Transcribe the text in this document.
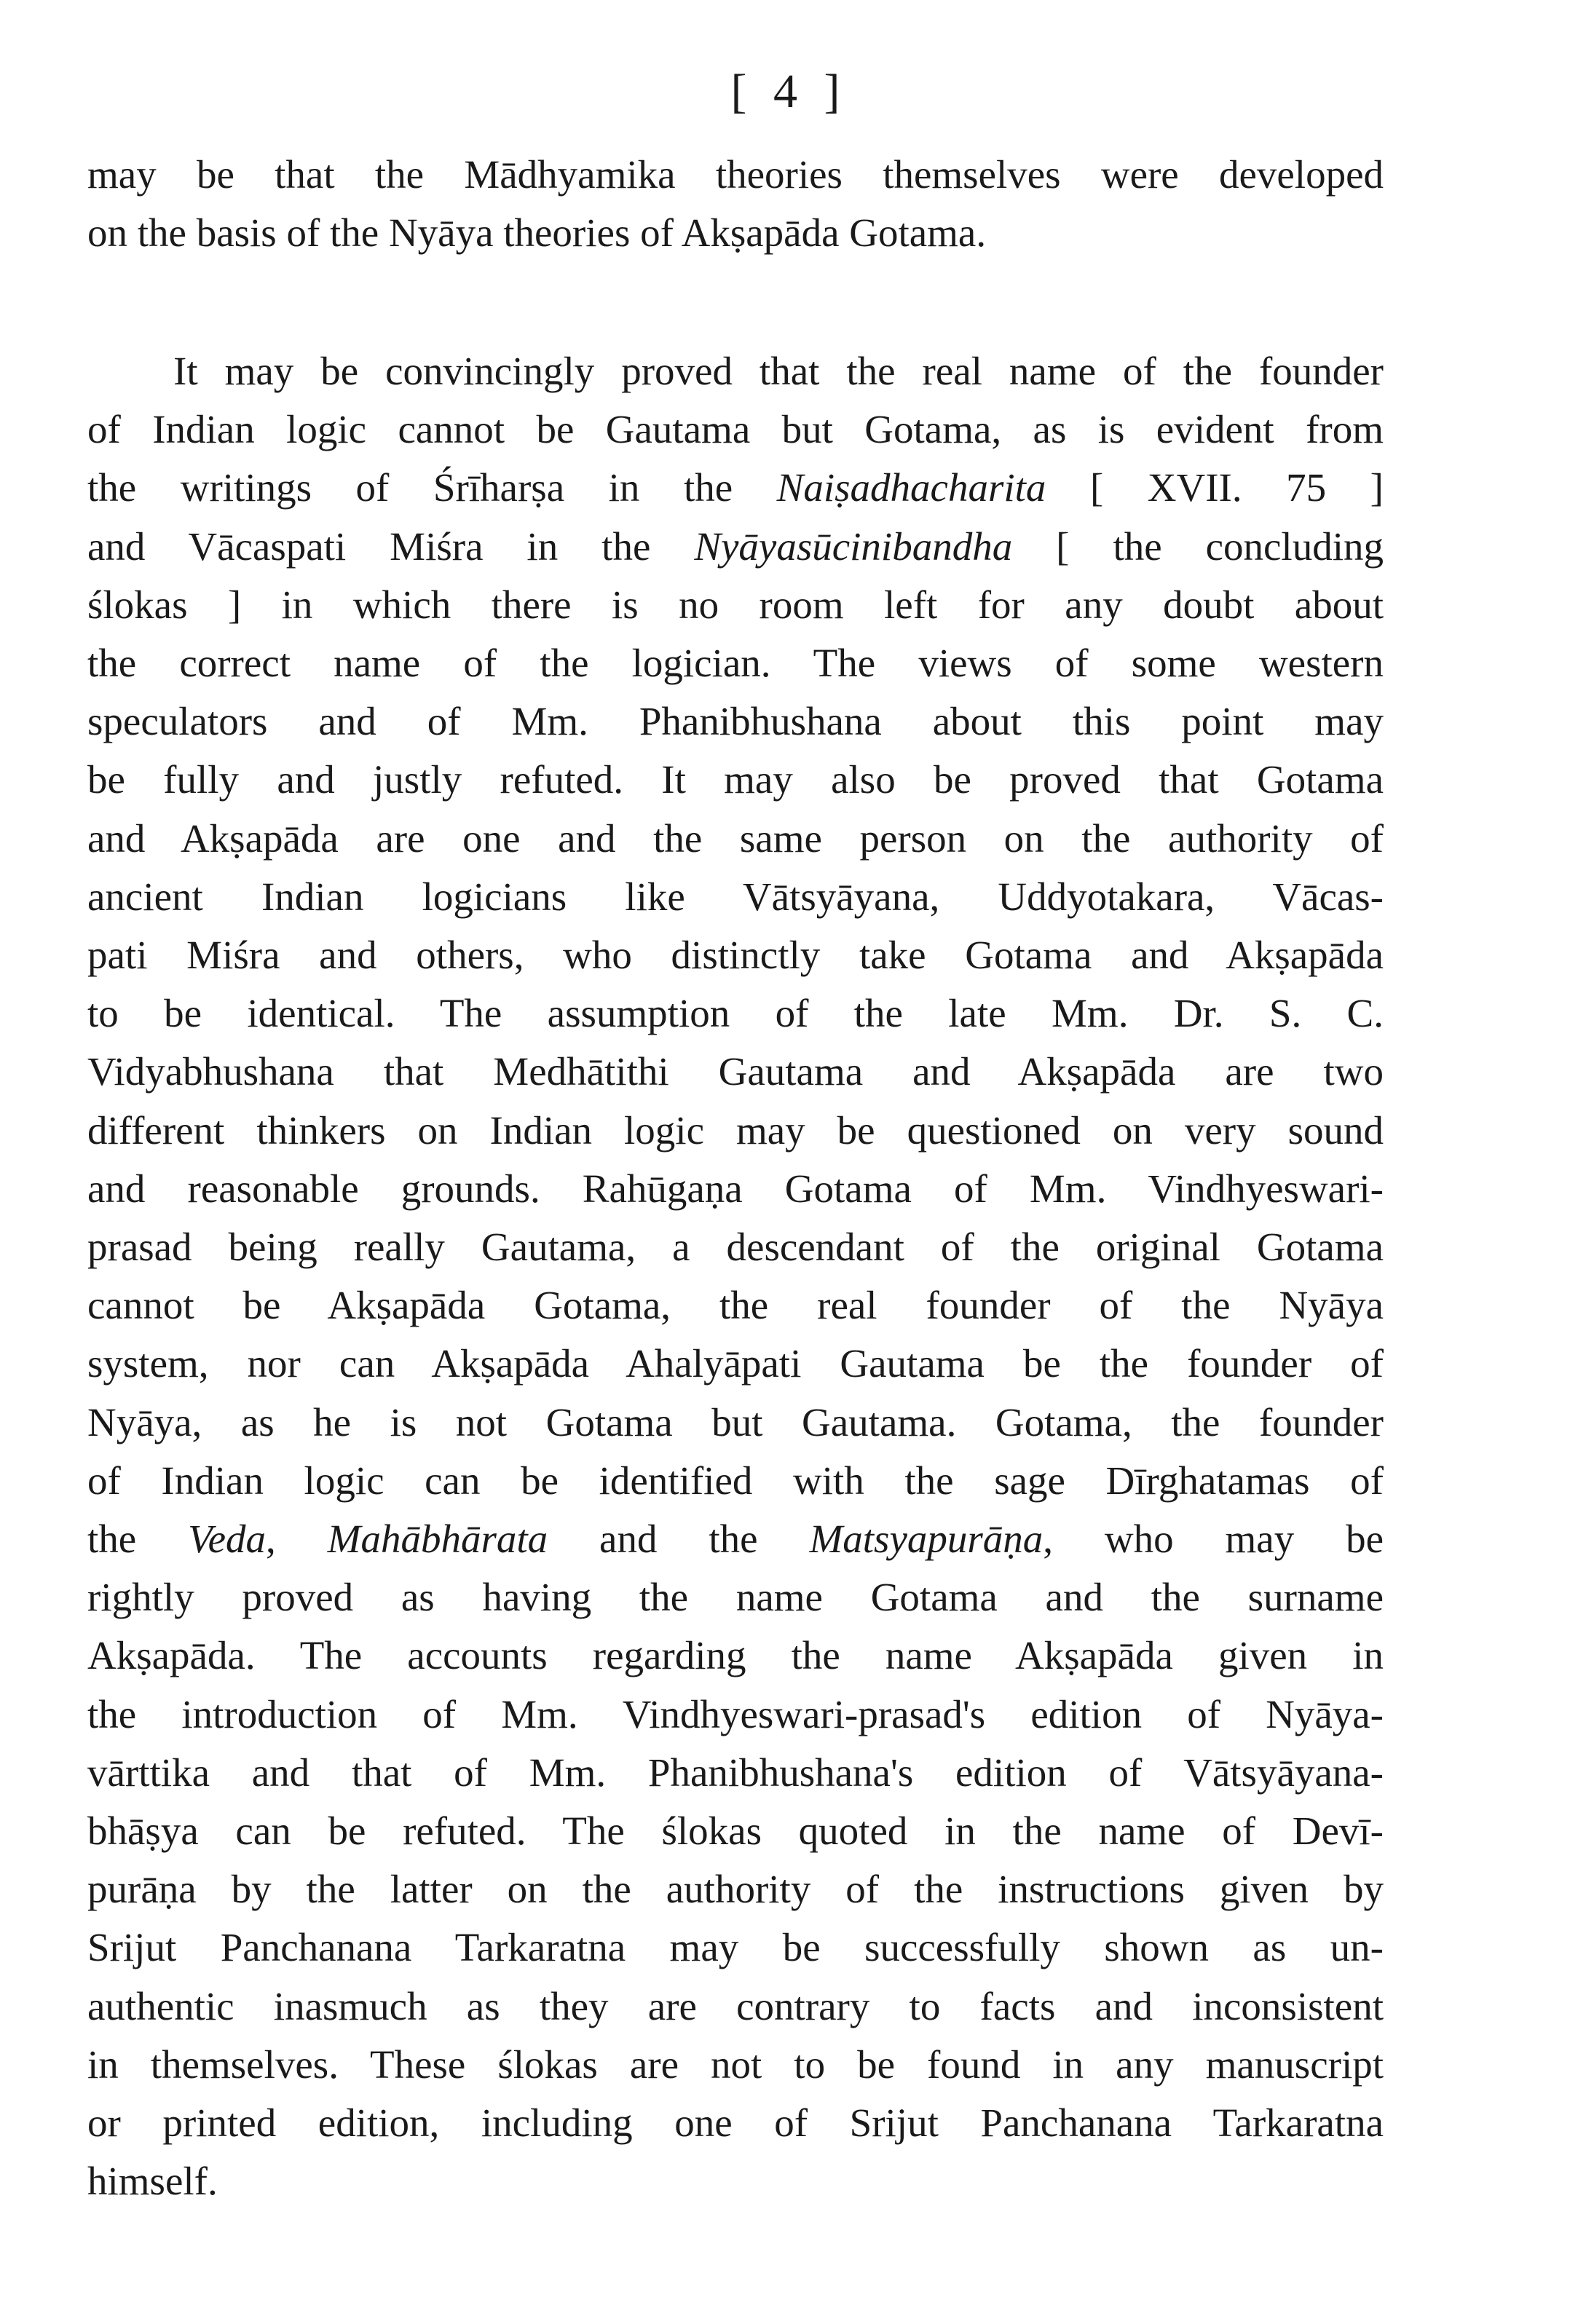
[ 4 ]
may be that the Mādhyamika theories themselves were developed
on the basis of the Nyāya theories of Akṣapāda Gotama.
It may be convincingly proved that the real name of the founder
of Indian logic cannot be Gautama but Gotama, as is evident from
the writings of Śrīharṣa in the Naiṣadhacharita [ XVII. 75 ]
and Vācaspati Miśra in the Nyāyasūcinibandha [ the concluding
ślokas ] in which there is no room left for any doubt about
the correct name of the logician. The views of some western
speculators and of Mm. Phanibhushana about this point may
be fully and justly refuted. It may also be proved that Gotama
and Akṣapāda are one and the same person on the authority of
ancient Indian logicians like Vātsyāyana, Uddyotakara, Vācas-
pati Miśra and others, who distinctly take Gotama and Akṣapāda
to be identical. The assumption of the late Mm. Dr. S. C.
Vidyabhushana that Medhātithi Gautama and Akṣapāda are two
different thinkers on Indian logic may be questioned on very sound
and reasonable grounds. Rahūgaṇa Gotama of Mm. Vindhyeswari-
prasad being really Gautama, a descendant of the original Gotama
cannot be Akṣapāda Gotama, the real founder of the Nyāya
system, nor can Akṣapāda Ahalyāpati Gautama be the founder of
Nyāya, as he is not Gotama but Gautama. Gotama, the founder
of Indian logic can be identified with the sage Dīrghatamas of
the Veda, Mahābhārata and the Matsyapurāṇa, who may be
rightly proved as having the name Gotama and the surname
Akṣapāda. The accounts regarding the name Akṣapāda given in
the introduction of Mm. Vindhyeswari-prasad's edition of Nyāya-
vārttika and that of Mm. Phanibhushana's edition of Vātsyāyana-
bhāṣya can be refuted. The ślokas quoted in the name of Devī-
purāṇa by the latter on the authority of the instructions given by
Srijut Panchanana Tarkaratna may be successfully shown as un-
authentic inasmuch as they are contrary to facts and inconsistent
in themselves. These ślokas are not to be found in any manuscript
or printed edition, including one of Srijut Panchanana Tarkaratna
himself.
